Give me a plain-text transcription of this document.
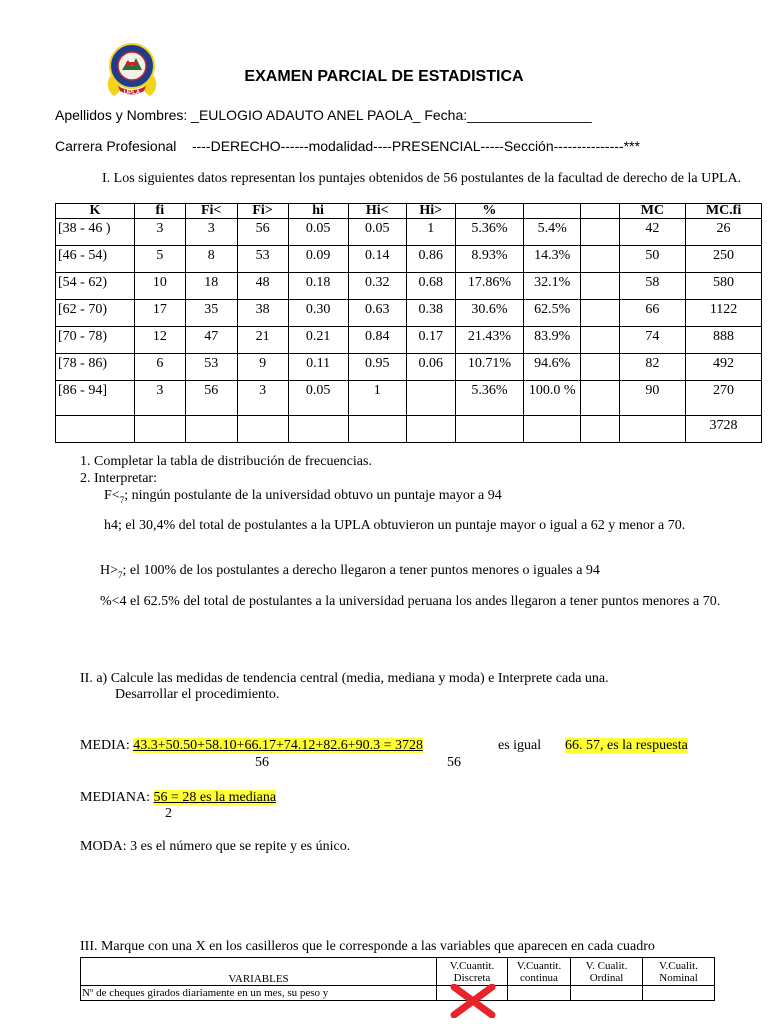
UPLA
EXAMEN PARCIAL DE ESTADISTICA
Apellidos y Nombres: _EULOGIO ADAUTO ANEL PAOLA_ Fecha:________________
Carrera Profesional    ----DERECHO------modalidad----PRESENCIAL-----Sección---------------***
I. Los siguientes datos representan los puntajes obtenidos de 56 postulantes de la facultad de derecho de la UPLA.
K	fi	Fi<	Fi>	hi	Hi<	Hi>	%			MC	MC.fi
[38 - 46 )	3	3	56	0.05	0.05	1	5.36%	5.4%		42	26
[46 - 54)	5	8	53	0.09	0.14	0.86	8.93%	14.3%		50	250
[54 - 62)	10	18	48	0.18	0.32	0.68	17.86%	32.1%		58	580
[62 - 70)	17	35	38	0.30	0.63	0.38	30.6%	62.5%		66	1122
[70 - 78)	12	47	21	0.21	0.84	0.17	21.43%	83.9%		74	888
[78 - 86)	6	53	9	0.11	0.95	0.06	10.71%	94.6%		82	492
[86 - 94]	3	56	3	0.05	1		5.36%	100.0 %		90	270
											3728
1. Completar la tabla de distribución de frecuencias.
2. Interpretar:
$F<_7$; ningún postulante de la universidad obtuvo un puntaje mayor a 94
h4; el 30,4% del total de postulantes a la UPLA obtuvieron un puntaje mayor o igual a 62 y menor a 70.
$H>_7$; el 100% de los postulantes a derecho llegaron a tener puntos menores o iguales a 94
%<4 el 62.5% del total de postulantes a la universidad peruana los andes llegaron a tener puntos menores a 70.
II. a) Calcule las medidas de tendencia central (media, mediana y moda) e Interprete cada una.
Desarrollar el procedimiento.
MEDIA: 43.3+50.50+58.10+66.17+74.12+82.6+90.3 = 3728
56	56
es igual 66. 57, es la respuesta
MEDIANA: 56 = 28 es la mediana
2
MODA: 3 es el número que se repite y es único.
III. Marque con una X en los casilleros que le corresponde a las variables que aparecen en cada cuadro
VARIABLES	V.Cuantit. Discreta	V.Cuantit. continua	V. Cualit. Ordinal	V.Cualit. Nominal
Nº de cheques girados diariamente en un mes, su peso y				
